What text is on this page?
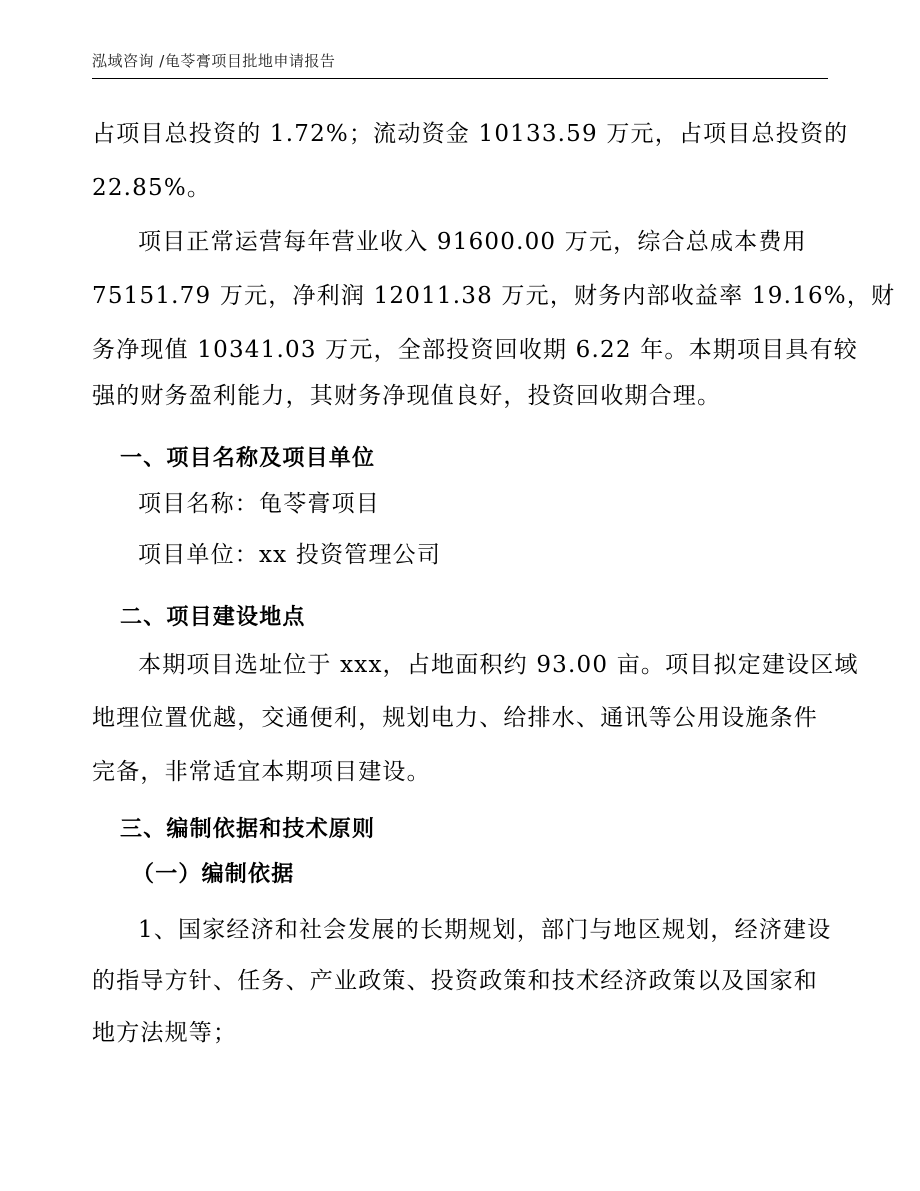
泓域咨询 /龟苓膏项目批地申请报告
占项目总投资的 1.72%；流动资金 10133.59 万元，占项目总投资的
22.85%。
项目正常运营每年营业收入 91600.00 万元，综合总成本费用
75151.79 万元，净利润 12011.38 万元，财务内部收益率 19.16%，财
务净现值 10341.03 万元，全部投资回收期 6.22 年。本期项目具有较
强的财务盈利能力，其财务净现值良好，投资回收期合理。
一、项目名称及项目单位
项目名称：龟苓膏项目
项目单位：xx 投资管理公司
二、项目建设地点
本期项目选址位于 xxx，占地面积约 93.00 亩。项目拟定建设区域
地理位置优越，交通便利，规划电力、给排水、通讯等公用设施条件
完备，非常适宜本期项目建设。
三、编制依据和技术原则
（一）编制依据
1、国家经济和社会发展的长期规划，部门与地区规划，经济建设
的指导方针、任务、产业政策、投资政策和技术经济政策以及国家和
地方法规等；
